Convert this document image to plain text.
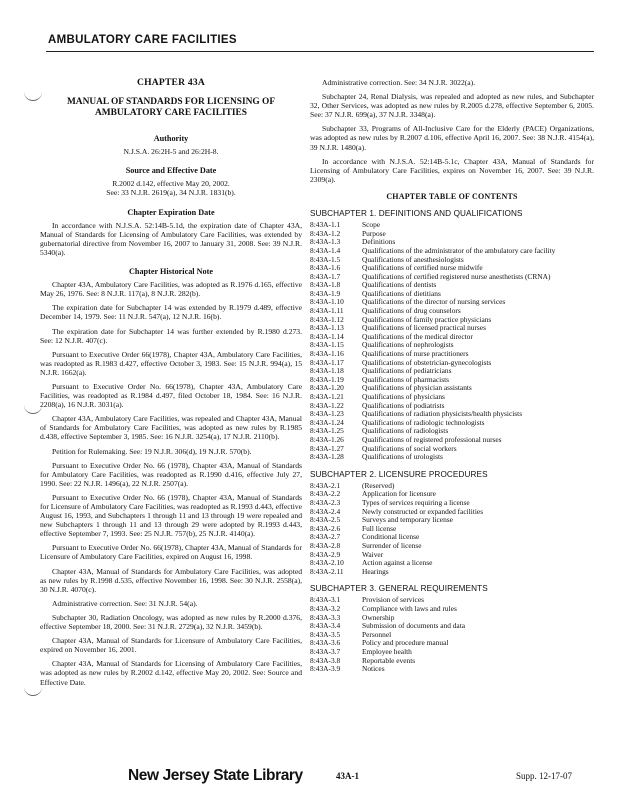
AMBULATORY CARE FACILITIES
CHAPTER 43A
MANUAL OF STANDARDS FOR LICENSING OF
AMBULATORY CARE FACILITIES
Authority

N.J.S.A. 26:2H-5 and 26:2H-8.

Source and Effective Date

R.2002 d.142, effective May 20, 2002.

See: 33 N.J.R. 2619(a), 34 N.J.R. 1831(b).

Chapter Expiration Date

In accordance with N.J.S.A. 52:14B-5.1d, the expiration date of Chapter 43A, Manual of Standards for Licensing of Ambulatory Care Facilities, was extended by gubernatorial directive from November 16, 2007 to January 31, 2008. See: 39 N.J.R. 5340(a).

Chapter Historical Note

Chapter 43A, Ambulatory Care Facilities, was adopted as R.1976 d.165, effective May 26, 1976. See: 8 N.J.R. 117(a), 8 N.J.R. 282(b).

The expiration date for Subchapter 14 was extended by R.1979 d.489, effective December 14, 1979. See: 11 N.J.R. 547(a), 12 N.J.R. 16(b).

The expiration date for Subchapter 14 was further extended by R.1980 d.273. See: 12 N.J.R. 407(c).

Pursuant to Executive Order 66(1978), Chapter 43A, Ambulatory Care Facilities, was readopted as R.1983 d.427, effective October 3, 1983. See: 15 N.J.R. 994(a), 15 N.J.R. 1662(a).

Pursuant to Executive Order No. 66(1978), Chapter 43A, Ambulatory Care Facilities, was readopted as R.1984 d.497, filed October 18, 1984. See: 16 N.J.R. 2208(a), 16 N.J.R. 3031(a).

Chapter 43A, Ambulatory Care Facilities, was repealed and Chapter 43A, Manual of Standards for Ambulatory Care Facilities, was adopted as new rules by R.1985 d.438, effective September 3, 1985. See: 16 N.J.R. 3254(a), 17 N.J.R. 2110(b).

Petition for Rulemaking. See: 19 N.J.R. 306(d), 19 N.J.R. 570(b).

Pursuant to Executive Order No. 66 (1978), Chapter 43A, Manual of Standards for Ambulatory Care Facilities, was readopted as R.1990 d.416, effective July 27, 1990. See: 22 N.J.R. 1496(a), 22 N.J.R. 2507(a).

Pursuant to Executive Order No. 66 (1978), Chapter 43A, Manual of Standards for Licensure of Ambulatory Care Facilities, was readopted as R.1993 d.443, effective August 16, 1993, and Subchapters 1 through 11 and 13 through 19 were repealed and new Subchapters 1 through 11 and 13 through 29 were adopted by R.1993 d.443, effective September 7, 1993. See: 25 N.J.R. 757(b), 25 N.J.R. 4140(a).

Pursuant to Executive Order No. 66(1978), Chapter 43A, Manual of Standards for Licensure of Ambulatory Care Facilities, expired on August 16, 1998.

Chapter 43A, Manual of Standards for Ambulatory Care Facilities, was adopted as new rules by R.1998 d.535, effective November 16, 1998. See: 30 N.J.R. 2558(a), 30 N.J.R. 4070(c).

Administrative correction. See: 31 N.J.R. 54(a).

Subchapter 30, Radiation Oncology, was adopted as new rules by R.2000 d.376, effective September 18, 2000. See: 31 N.J.R. 2729(a), 32 N.J.R. 3459(b).

Chapter 43A, Manual of Standards for Licensure of Ambulatory Care Facilities, expired on November 16, 2001.

Chapter 43A, Manual of Standards for Licensing of Ambulatory Care Facilities, was adopted as new rules by R.2002 d.142, effective May 20, 2002. See: Source and Effective Date.

Administrative correction. See: 34 N.J.R. 3022(a).

Subchapter 24, Renal Dialysis, was repealed and adopted as new rules, and Subchapter 32, Other Services, was adopted as new rules by R.2005 d.278, effective September 6, 2005. See: 37 N.J.R. 699(a), 37 N.J.R. 3348(a).

Subchapter 33, Programs of All-Inclusive Care for the Elderly (PACE) Organizations, was adopted as new rules by R.2007 d.106, effective April 16, 2007. See: 38 N.J.R. 4154(a), 39 N.J.R. 1480(a).

In accordance with N.J.S.A. 52:14B-5.1c, Chapter 43A, Manual of Standards for Licensing of Ambulatory Care Facilities, expires on November 16, 2007. See: 39 N.J.R. 2309(a).

CHAPTER TABLE OF CONTENTS
SUBCHAPTER 1. DEFINITIONS AND QUALIFICATIONS
8:43A-1.1	Scope
8:43A-1.2	Purpose
8:43A-1.3	Definitions
8:43A-1.4	Qualifications of the administrator of the ambulatory care facility
8:43A-1.5	Qualifications of anesthesiologists
8:43A-1.6	Qualifications of certified nurse midwife
8:43A-1.7	Qualifications of certified registered nurse anesthetists (CRNA)
8:43A-1.8	Qualifications of dentists
8:43A-1.9	Qualifications of dietitians
8:43A-1.10	Qualifications of the director of nursing services
8:43A-1.11	Qualifications of drug counselors
8:43A-1.12	Qualifications of family practice physicians
8:43A-1.13	Qualifications of licensed practical nurses
8:43A-1.14	Qualifications of the medical director
8:43A-1.15	Qualifications of nephrologists
8:43A-1.16	Qualifications of nurse practitioners
8:43A-1.17	Qualifications of obstetrician-gynecologists
8:43A-1.18	Qualifications of pediatricians
8:43A-1.19	Qualifications of pharmacists
8:43A-1.20	Qualifications of physician assistants
8:43A-1.21	Qualifications of physicians
8:43A-1.22	Qualifications of podiatrists
8:43A-1.23	Qualifications of radiation physicists/health physicists
8:43A-1.24	Qualifications of radiologic technologists
8:43A-1.25	Qualifications of radiologists
8:43A-1.26	Qualifications of registered professional nurses
8:43A-1.27	Qualifications of social workers
8:43A-1.28	Qualifications of urologists
SUBCHAPTER 2. LICENSURE PROCEDURES
8:43A-2.1	(Reserved)
8:43A-2.2	Application for licensure
8:43A-2.3	Types of services requiring a license
8:43A-2.4	Newly constructed or expanded facilities
8:43A-2.5	Surveys and temporary license
8:43A-2.6	Full license
8:43A-2.7	Conditional license
8:43A-2.8	Surrender of license
8:43A-2.9	Waiver
8:43A-2.10	Action against a license
8:43A-2.11	Hearings
SUBCHAPTER 3. GENERAL REQUIREMENTS
8:43A-3.1	Provision of services
8:43A-3.2	Compliance with laws and rules
8:43A-3.3	Ownership
8:43A-3.4	Submission of documents and data
8:43A-3.5	Personnel
8:43A-3.6	Policy and procedure manual
8:43A-3.7	Employee health
8:43A-3.8	Reportable events
8:43A-3.9	Notices
New Jersey State Library	43A-1	Supp. 12-17-07
